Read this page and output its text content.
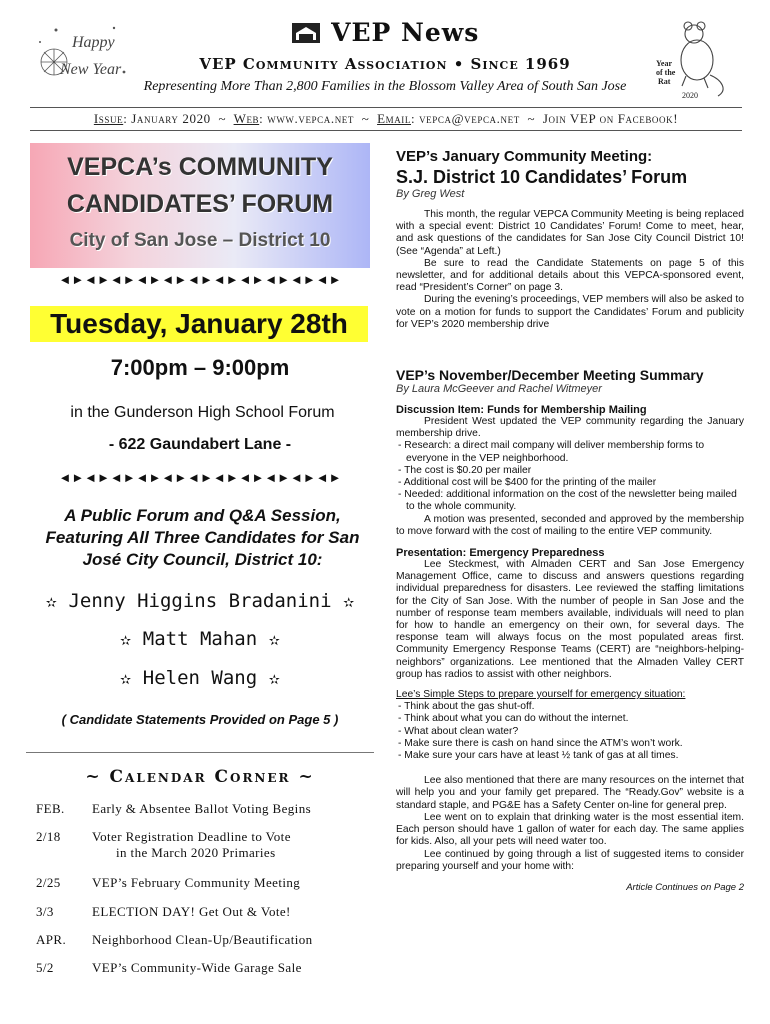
Happy
New Year
VEP News
VEP Community Association • Since 1969
Representing More Than 2,800 Families in the Blossom Valley Area of South San Jose
Year
of the
Rat
2020
Issue: January 2020 ~ Web: www.vepca.net ~ Email: vepca@vepca.net ~ Join VEP on Facebook!
VEPCA’s COMMUNITY
CANDIDATES’ FORUM
City of San Jose – District 10
◄►◄►◄►◄►◄►◄►◄►◄►◄►◄►◄►
Tuesday, January 28th
7:00pm – 9:00pm
in the Gunderson High School Forum
- 622 Gaundabert Lane -
◄►◄►◄►◄►◄►◄►◄►◄►◄►◄►◄►
A Public Forum and Q&A Session, Featuring All Three Candidates for San José City Council, District 10:
✫ Jenny Higgins Bradanini ✫
✫ Matt Mahan ✫
✫ Helen Wang ✫
( Candidate Statements Provided on Page 5 )
~ Calendar Corner ~
FEB.	Early & Absentee Ballot Voting Begins
2/18	Voter Registration Deadline to Vote
in the March 2020 Primaries
2/25	VEP’s February Community Meeting
3/3	ELECTION DAY! Get Out & Vote!
APR.	Neighborhood Clean-Up/Beautification
5/2	VEP’s Community-Wide Garage Sale
VEP’s January Community Meeting:
S.J. District 10 Candidates’ Forum
By Greg West
This month, the regular VEPCA Community Meeting is being replaced with a special event: District 10 Candidates’ Forum! Come to meet, hear, and ask questions of the candidates for San Jose City Council District 10! (See “Agenda” at Left.)
Be sure to read the Candidate Statements on page 5 of this newsletter, and for additional details about this VEPCA-sponsored event, read “President’s Corner” on page 3.
During the evening’s proceedings, VEP members will also be asked to vote on a motion for funds to support the Candidates’ Forum and publicity for VEP’s 2020 membership drive
VEP’s November/December Meeting Summary
By Laura McGeever and Rachel Witmeyer
Discussion Item: Funds for Membership Mailing
President West updated the VEP community regarding the January membership drive.
- Research: a direct mail company will deliver membership forms to everyone in the VEP neighborhood.
- The cost is $0.20 per mailer
- Additional cost will be $400 for the printing of the mailer
- Needed: additional information on the cost of the newsletter being mailed to the whole community.
A motion was presented, seconded and approved by the membership to move forward with the cost of mailing to the entire VEP community.
Presentation: Emergency Preparedness
Lee Steckmest, with Almaden CERT and San Jose Emergency Management Office, came to discuss and answers questions regarding individual preparedness for disasters. Lee reviewed the staffing limitations for the City of San Jose. With the number of people in San Jose and the number of response team members available, individuals will need to plan for how to handle an emergency on their own, for several days. The response team will always focus on the most populated areas first. Community Emergency Response Teams (CERT) are “neighbors-helping-neighbors” organizations. Lee mentioned that the Almaden Valley CERT group has radios to assist with other neighbors.
Lee’s Simple Steps to prepare yourself for emergency situation:
- Think about the gas shut-off.
- Think about what you can do without the internet.
- What about clean water?
- Make sure there is cash on hand since the ATM’s won’t work.
- Make sure your cars have at least ½ tank of gas at all times.
Lee also mentioned that there are many resources on the internet that will help you and your family get prepared. The “Ready.Gov” website is a standard staple, and PG&E has a Safety Center on-line for general prep.
Lee went on to explain that drinking water is the most essential item. Each person should have 1 gallon of water for each day. The same applies for kids. Also, all your pets will need water too.
Lee continued by going through a list of suggested items to consider preparing yourself and your home with:
Article Continues on Page 2
